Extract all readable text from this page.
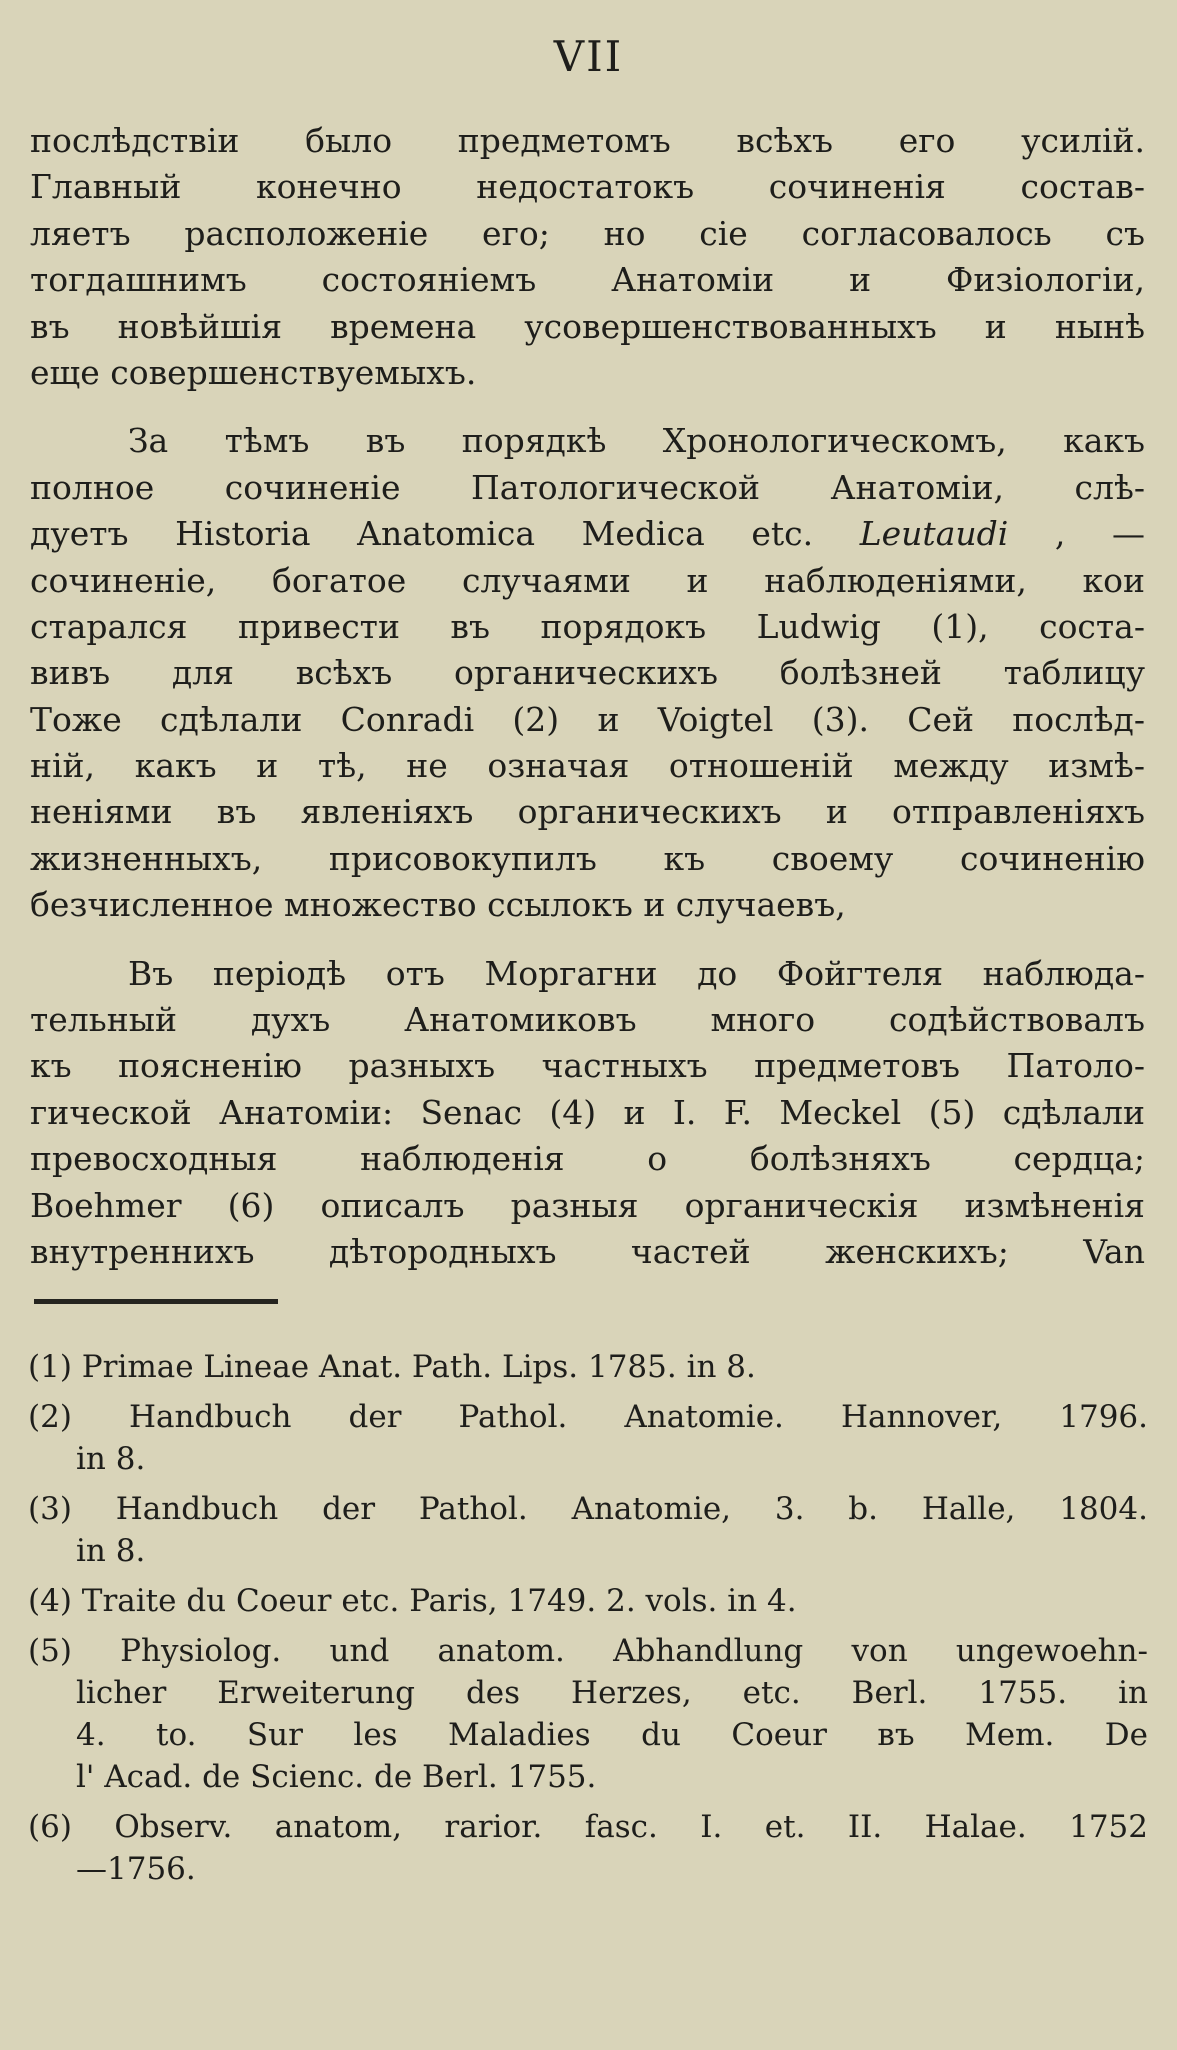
VII
послѣдствіи было предметомъ всѣхъ его усилій.
Главный конечно недостатокъ сочиненія состав-
ляетъ расположеніе его; но сіе согласовалось съ
тогдашнимъ состояніемъ Анатоміи и Физіологіи,
въ новѣйшія времена усовершенствованныхъ и нынѣ
еще совершенствуемыхъ.
За тѣмъ въ порядкѣ Хронологическомъ, какъ
полное сочиненіе Патологической Анатоміи, слѣ-
дуетъ Historia Anatomica Medica etc. Leutaudi , —
сочиненіе, богатое случаями и наблюденіями, кои
старался привести въ порядокъ Ludwig (1), соста-
вивъ для всѣхъ органическихъ болѣзней таблицу
Тоже сдѣлали Conradi (2) и Voigtel (3). Сей послѣд-
ній, какъ и тѣ, не означая отношеній между измѣ-
неніями въ явленіяхъ органическихъ и отправленіяхъ
жизненныхъ, присовокупилъ къ своему сочиненію
безчисленное множество ссылокъ и случаевъ,
Въ періодѣ отъ Моргагни до Фойгтеля наблюда-
тельный духъ Анатомиковъ много содѣйствовалъ
къ поясненію разныхъ частныхъ предметовъ Патоло-
гической Анатоміи: Senac (4) и I. F. Meckel (5) сдѣлали
превосходныя наблюденія о болѣзняхъ сердца;
Boehmer (6) описалъ разныя органическія измѣненія
внутреннихъ дѣтородныхъ частей женскихъ; Van
(1) Primae Lineae Anat. Path. Lips. 1785. in 8.
(2) Handbuch der Pathol. Anatomie. Hannover, 1796.
in 8.
(3) Handbuch der Pathol. Anatomie, 3. b. Halle, 1804.
in 8.
(4) Traite du Coeur etc. Paris, 1749. 2. vols. in 4.
(5) Physiolog. und anatom. Abhandlung von ungewoehn-
licher Erweiterung des Herzes, etc. Berl. 1755. in
4. to. Sur les Maladies du Coeur въ Mem. De
l' Acad. de Scienc. de Berl. 1755.
(6) Observ. anatom, rarior. fasc. I. et. II. Halae. 1752
—1756.
